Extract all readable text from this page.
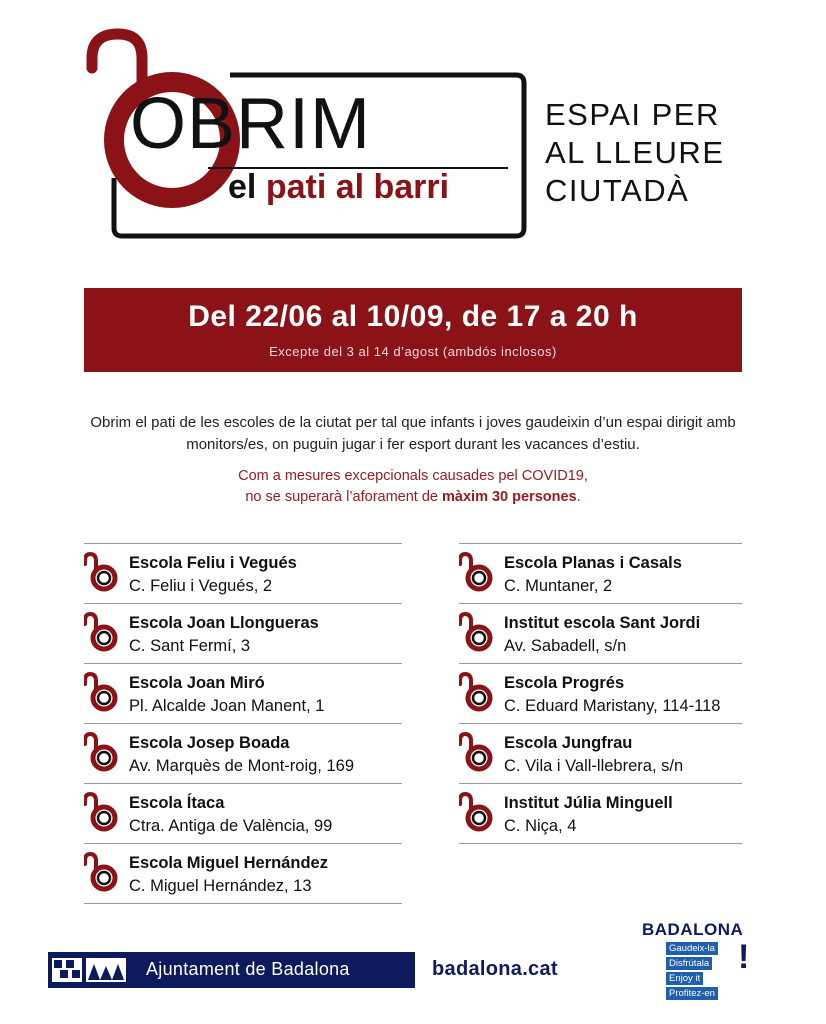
OBRIM
el pati al barri
ESPAI PER
AL LLEURE
CIUTADÀ
Del 22/06 al 10/09, de 17 a 20 h
Excepte del 3 al 14 d’agost (ambdós inclosos)
Obrim el pati de les escoles de la ciutat per tal que infants i joves gaudeixin d’un espai dirigit amb monitors/es, on puguin jugar i fer esport durant les vacances d’estiu.
Com a mesures excepcionals causades pel COVID19,
no se superarà l’aforament de màxim 30 persones.
Escola Feliu i Vegués
C. Feliu i Vegués, 2
Escola Joan Llongueras
C. Sant Fermí, 3
Escola Joan Miró
Pl. Alcalde Joan Manent, 1
Escola Josep Boada
Av. Marquès de Mont-roig, 169
Escola Ítaca
Ctra. Antiga de València, 99
Escola Miguel Hernández
C. Miguel Hernández, 13
Escola Planas i Casals
C. Muntaner, 2
Institut escola Sant Jordi
Av. Sabadell, s/n
Escola Progrés
C. Eduard Maristany, 114-118
Escola Jungfrau
C. Vila i Vall-llebrera, s/n
Institut Júlia Minguell
C. Niça, 4
Ajuntament de Badalona	badalona.cat
BADALONA
Gaudeix-la
Disfrútala
Enjoy it
Profitez-en
!
